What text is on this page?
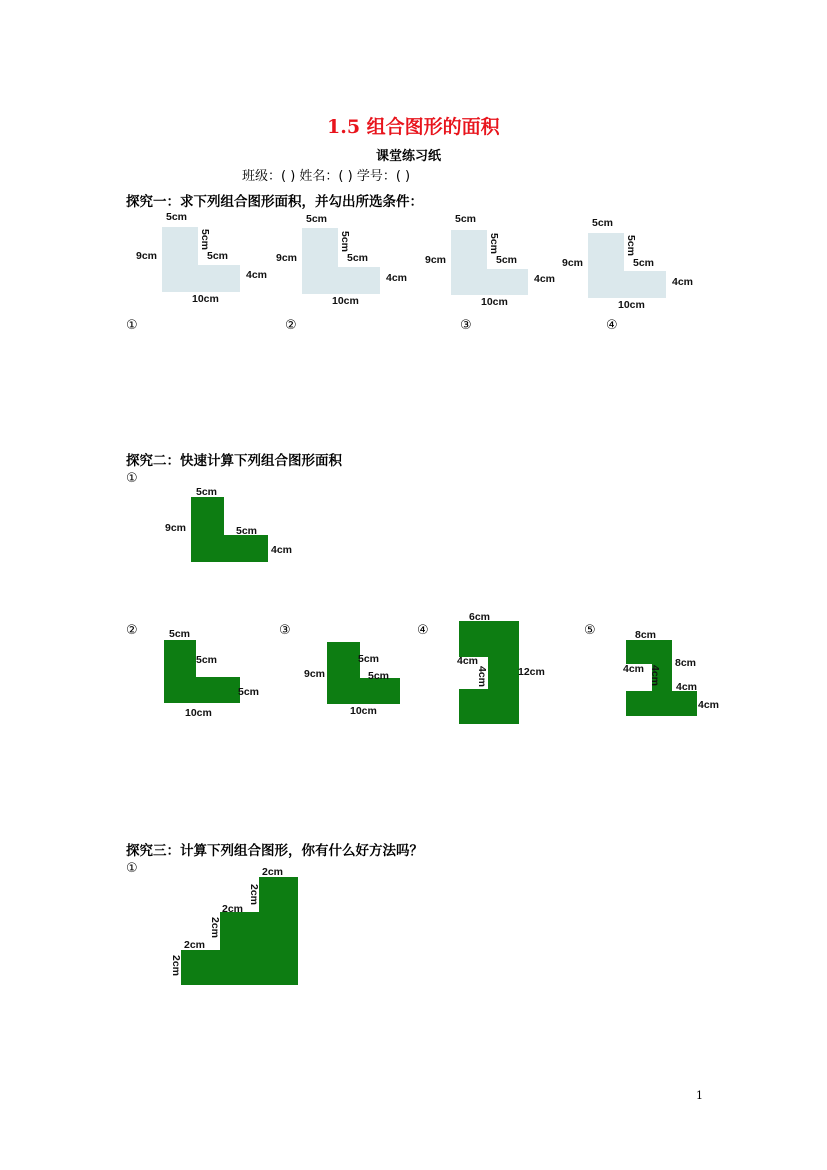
1.5 组合图形的面积
课堂练习纸
班级：( ) 姓名：( ) 学号：( )
探究一：求下列组合图形面积，并勾出所选条件：
5cm
5cm
5cm
9cm
4cm
10cm
5cm
5cm
5cm
9cm
4cm
10cm
5cm
5cm
5cm
9cm
4cm
10cm
5cm
5cm
5cm
9cm
4cm
10cm
①	②	③	④
探究二：快速计算下列组合图形面积
①
5cm
9cm	5cm
4cm
②	③	④	⑤
5cm
5cm
5cm
10cm
9cm
5cm
5cm
10cm
6cm
4cm
4cm	12cm
8cm
4cm 4cm
8cm
4cm
4cm
探究三：计算下列组合图形，你有什么好方法吗？
①	2cm
2cm
2cm
2cm
2cm
2cm
1
